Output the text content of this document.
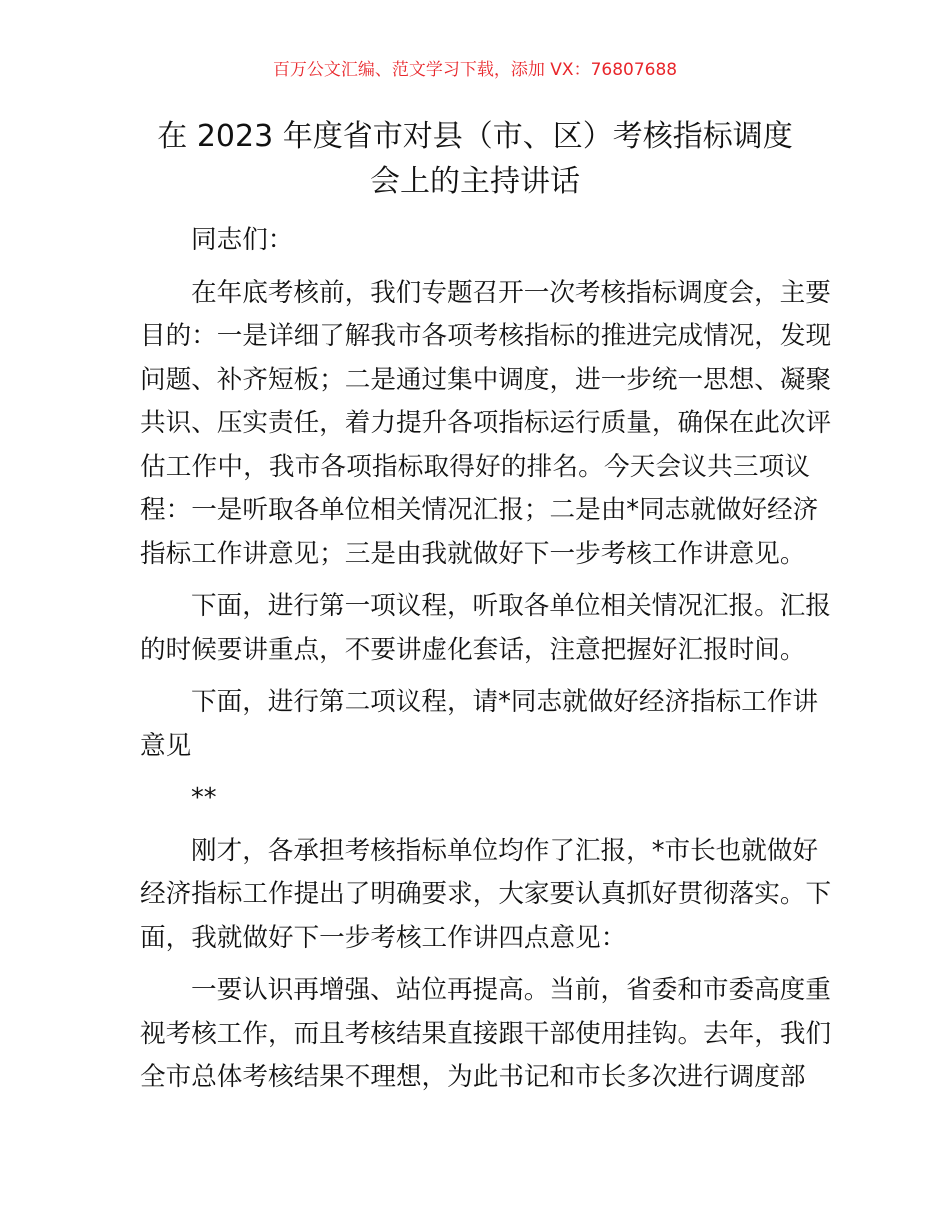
百万公文汇编、范文学习下载，添加 VX：76807688
在 2023 年度省市对县（市、区）考核指标调度
会上的主持讲话
同志们：
在年底考核前，我们专题召开一次考核指标调度会，主要
目的：一是详细了解我市各项考核指标的推进完成情况，发现
问题、补齐短板；二是通过集中调度，进一步统一思想、凝聚
共识、压实责任，着力提升各项指标运行质量，确保在此次评
估工作中，我市各项指标取得好的排名。今天会议共三项议
程：一是听取各单位相关情况汇报；二是由*同志就做好经济
指标工作讲意见；三是由我就做好下一步考核工作讲意见。
下面，进行第一项议程，听取各单位相关情况汇报。汇报
的时候要讲重点，不要讲虚化套话，注意把握好汇报时间。
下面，进行第二项议程，请*同志就做好经济指标工作讲
意见
**
刚才，各承担考核指标单位均作了汇报，*市长也就做好
经济指标工作提出了明确要求，大家要认真抓好贯彻落实。下
面，我就做好下一步考核工作讲四点意见：
一要认识再增强、站位再提高。当前，省委和市委高度重
视考核工作，而且考核结果直接跟干部使用挂钩。去年，我们
全市总体考核结果不理想，为此书记和市长多次进行调度部
